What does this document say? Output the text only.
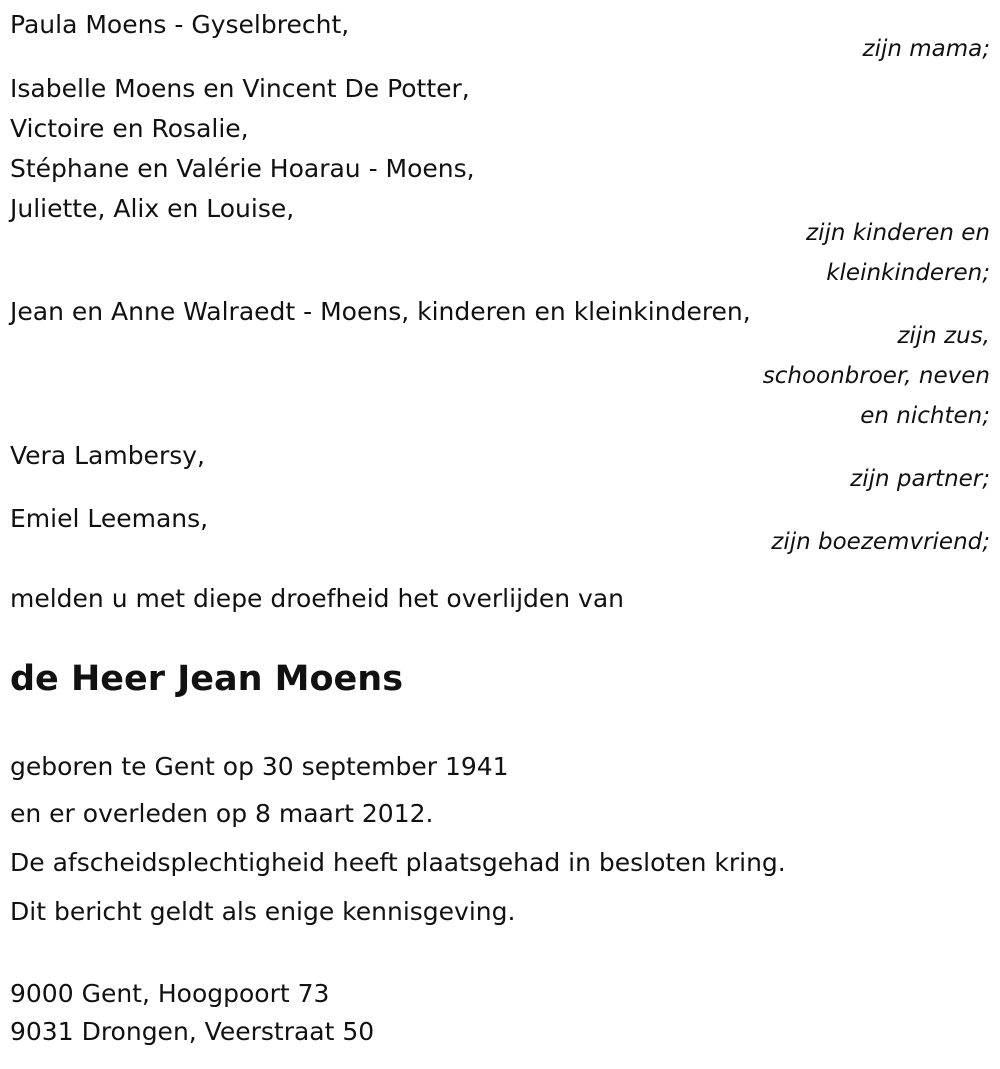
Paula Moens - Gyselbrecht,
zijn mama;
Isabelle Moens en Vincent De Potter,
Victoire en Rosalie,
Stéphane en Valérie Hoarau - Moens,
Juliette, Alix en Louise,
zijn kinderen en
kleinkinderen;
Jean en Anne Walraedt - Moens, kinderen en kleinkinderen,
zijn zus,
schoonbroer, neven
en nichten;
Vera Lambersy,
zijn partner;
Emiel Leemans,
zijn boezemvriend;
melden u met diepe droefheid het overlijden van
de Heer Jean Moens
geboren te Gent op 30 september 1941
en er overleden op 8 maart 2012.
De afscheidsplechtigheid heeft plaatsgehad in besloten kring.
Dit bericht geldt als enige kennisgeving.
9000 Gent, Hoogpoort 73
9031 Drongen, Veerstraat 50
